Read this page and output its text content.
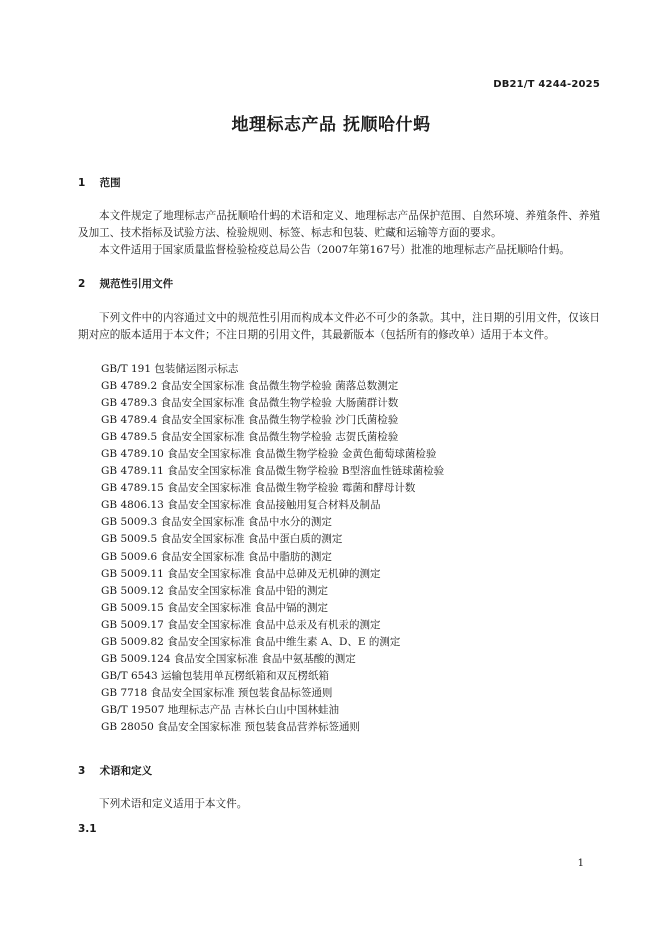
DB21/T 4244-2025
地理标志产品 抚顺哈什蚂
1 范围
本文件规定了地理标志产品抚顺哈什蚂的术语和定义、地理标志产品保护范围、自然环境、养殖条件、养殖及加工、技术指标及试验方法、检验规则、标签、标志和包装、贮藏和运输等方面的要求。
本文件适用于国家质量监督检验检疫总局公告（2007年第167号）批准的地理标志产品抚顺哈什蚂。
2 规范性引用文件
下列文件中的内容通过文中的规范性引用而构成本文件必不可少的条款。其中，注日期的引用文件，仅该日期对应的版本适用于本文件；不注日期的引用文件，其最新版本（包括所有的修改单）适用于本文件。
GB/T 191 包装储运图示标志
GB 4789.2 食品安全国家标准 食品微生物学检验 菌落总数测定
GB 4789.3 食品安全国家标准 食品微生物学检验 大肠菌群计数
GB 4789.4 食品安全国家标准 食品微生物学检验 沙门氏菌检验
GB 4789.5 食品安全国家标准 食品微生物学检验 志贺氏菌检验
GB 4789.10 食品安全国家标准 食品微生物学检验 金黄色葡萄球菌检验
GB 4789.11 食品安全国家标准 食品微生物学检验 B型溶血性链球菌检验
GB 4789.15 食品安全国家标准 食品微生物学检验 霉菌和酵母计数
GB 4806.13 食品安全国家标准 食品接触用复合材料及制品
GB 5009.3 食品安全国家标准 食品中水分的测定
GB 5009.5 食品安全国家标准 食品中蛋白质的测定
GB 5009.6 食品安全国家标准 食品中脂肪的测定
GB 5009.11 食品安全国家标准 食品中总砷及无机砷的测定
GB 5009.12 食品安全国家标准 食品中铅的测定
GB 5009.15 食品安全国家标准 食品中镉的测定
GB 5009.17 食品安全国家标准 食品中总汞及有机汞的测定
GB 5009.82 食品安全国家标准 食品中维生素 A、D、E 的测定
GB 5009.124 食品安全国家标准 食品中氨基酸的测定
GB/T 6543 运输包装用单瓦楞纸箱和双瓦楞纸箱
GB 7718 食品安全国家标准 预包装食品标签通则
GB/T 19507 地理标志产品 吉林长白山中国林蛙油
GB 28050 食品安全国家标准 预包装食品营养标签通则
3 术语和定义
下列术语和定义适用于本文件。
3.1
1
